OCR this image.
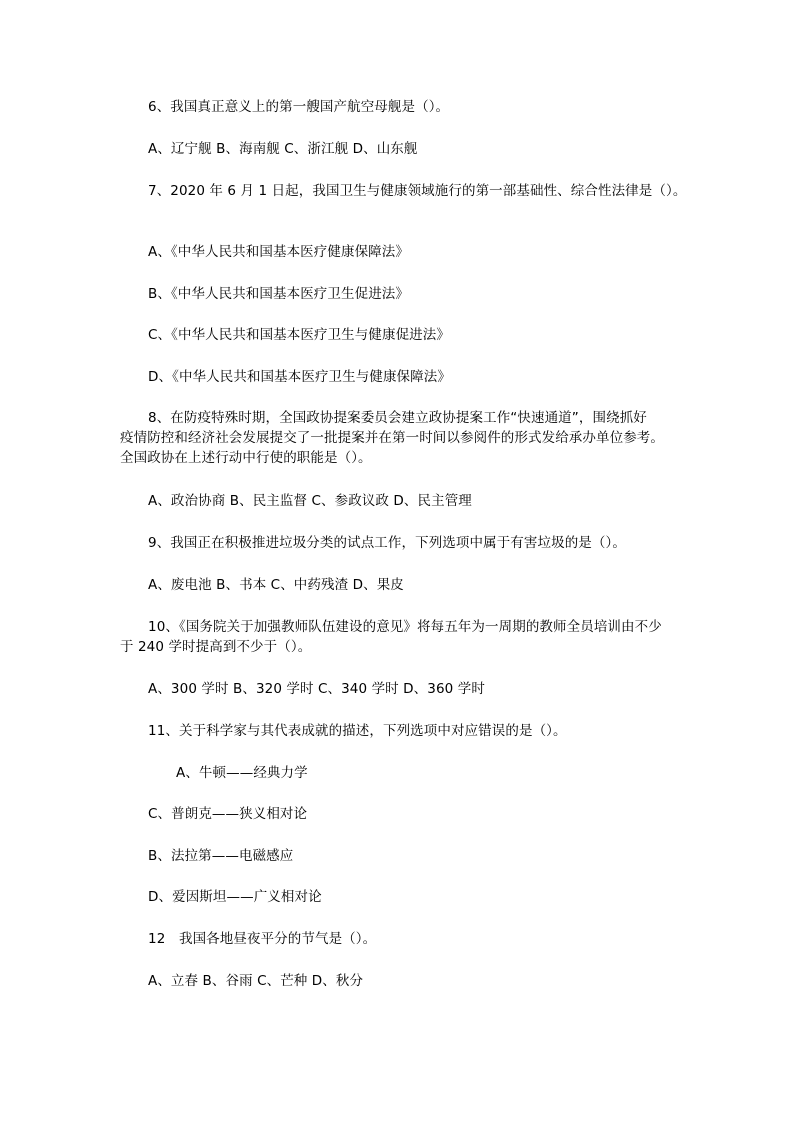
6、我国真正意义上的第一艘国产航空母舰是（）。
A、辽宁舰 B、海南舰 C、浙江舰 D、山东舰
7、2020 年 6 月 1 日起，我国卫生与健康领域施行的第一部基础性、综合性法律是（）。
A、《中华人民共和国基本医疗健康保障法》
B、《中华人民共和国基本医疗卫生促进法》
C、《中华人民共和国基本医疗卫生与健康促进法》
D、《中华人民共和国基本医疗卫生与健康保障法》
8、在防疫特殊时期，全国政协提案委员会建立政协提案工作“快速通道”，围绕抓好
疫情防控和经济社会发展提交了一批提案并在第一时间以参阅件的形式发给承办单位参考。
全国政协在上述行动中行使的职能是（）。
A、政治协商 B、民主监督 C、参政议政 D、民主管理
9、我国正在积极推进垃圾分类的试点工作，下列选项中属于有害垃圾的是（）。
A、废电池 B、书本 C、中药残渣 D、果皮
10、《国务院关于加强教师队伍建设的意见》将每五年为一周期的教师全员培训由不少
于 240 学时提高到不少于（）。
A、300 学时 B、320 学时 C、340 学时 D、360 学时
11、关于科学家与其代表成就的描述，下列选项中对应错误的是（）。
A、牛顿——经典力学
C、普朗克——狭义相对论
B、法拉第——电磁感应
D、爱因斯坦——广义相对论
12　我国各地昼夜平分的节气是（）。
A、立春 B、谷雨 C、芒种 D、秋分
